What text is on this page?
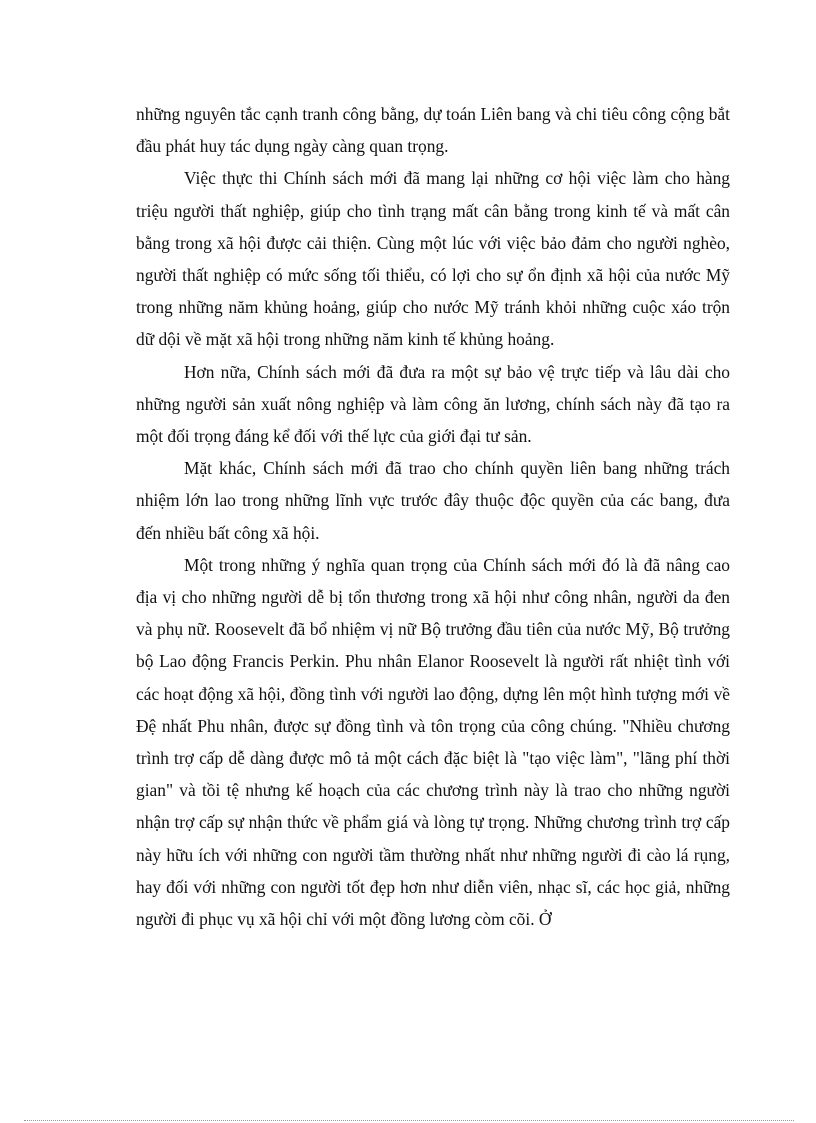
những nguyên tắc cạnh tranh công bằng, dự toán Liên bang và chi tiêu công cộng bắt đầu phát huy tác dụng ngày càng quan trọng.

Việc thực thi Chính sách mới đã mang lại những cơ hội việc làm cho hàng triệu người thất nghiệp, giúp cho tình trạng mất cân bằng trong kinh tế và mất cân bằng trong xã hội được cải thiện. Cùng một lúc với việc bảo đảm cho người nghèo, người thất nghiệp có mức sống tối thiểu, có lợi cho sự ổn định xã hội của nước Mỹ trong những năm khủng hoảng, giúp cho nước Mỹ tránh khỏi những cuộc xáo trộn dữ dội về mặt xã hội trong những năm kinh tế khủng hoảng.

Hơn nữa, Chính sách mới đã đưa ra một sự bảo vệ trực tiếp và lâu dài cho những người sản xuất nông nghiệp và làm công ăn lương, chính sách này đã tạo ra một đối trọng đáng kể đối với thế lực của giới đại tư sản.

Mặt khác, Chính sách mới đã trao cho chính quyền liên bang những trách nhiệm lớn lao trong những lĩnh vực trước đây thuộc độc quyền của các bang, đưa đến nhiều bất công xã hội.

Một trong những ý nghĩa quan trọng của Chính sách mới đó là đã nâng cao địa vị cho những người dễ bị tổn thương trong xã hội như công nhân, người da đen và phụ nữ. Roosevelt đã bổ nhiệm vị nữ Bộ trưởng đầu tiên của nước Mỹ, Bộ trưởng bộ Lao động Francis Perkin. Phu nhân Elanor Roosevelt là người rất nhiệt tình với các hoạt động xã hội, đồng tình với người lao động, dựng lên một hình tượng mới về Đệ nhất Phu nhân, được sự đồng tình và tôn trọng của công chúng. "Nhiều chương trình trợ cấp dễ dàng được mô tả một cách đặc biệt là "tạo việc làm", "lãng phí thời gian" và tồi tệ nhưng kế hoạch của các chương trình này là trao cho những người nhận trợ cấp sự nhận thức về phẩm giá và lòng tự trọng. Những chương trình trợ cấp này hữu ích với những con người tầm thường nhất như những người đi cào lá rụng, hay đối với những con người tốt đẹp hơn như diễn viên, nhạc sĩ, các học giả, những người đi phục vụ xã hội chỉ với một đồng lương còm cõi. Ở
